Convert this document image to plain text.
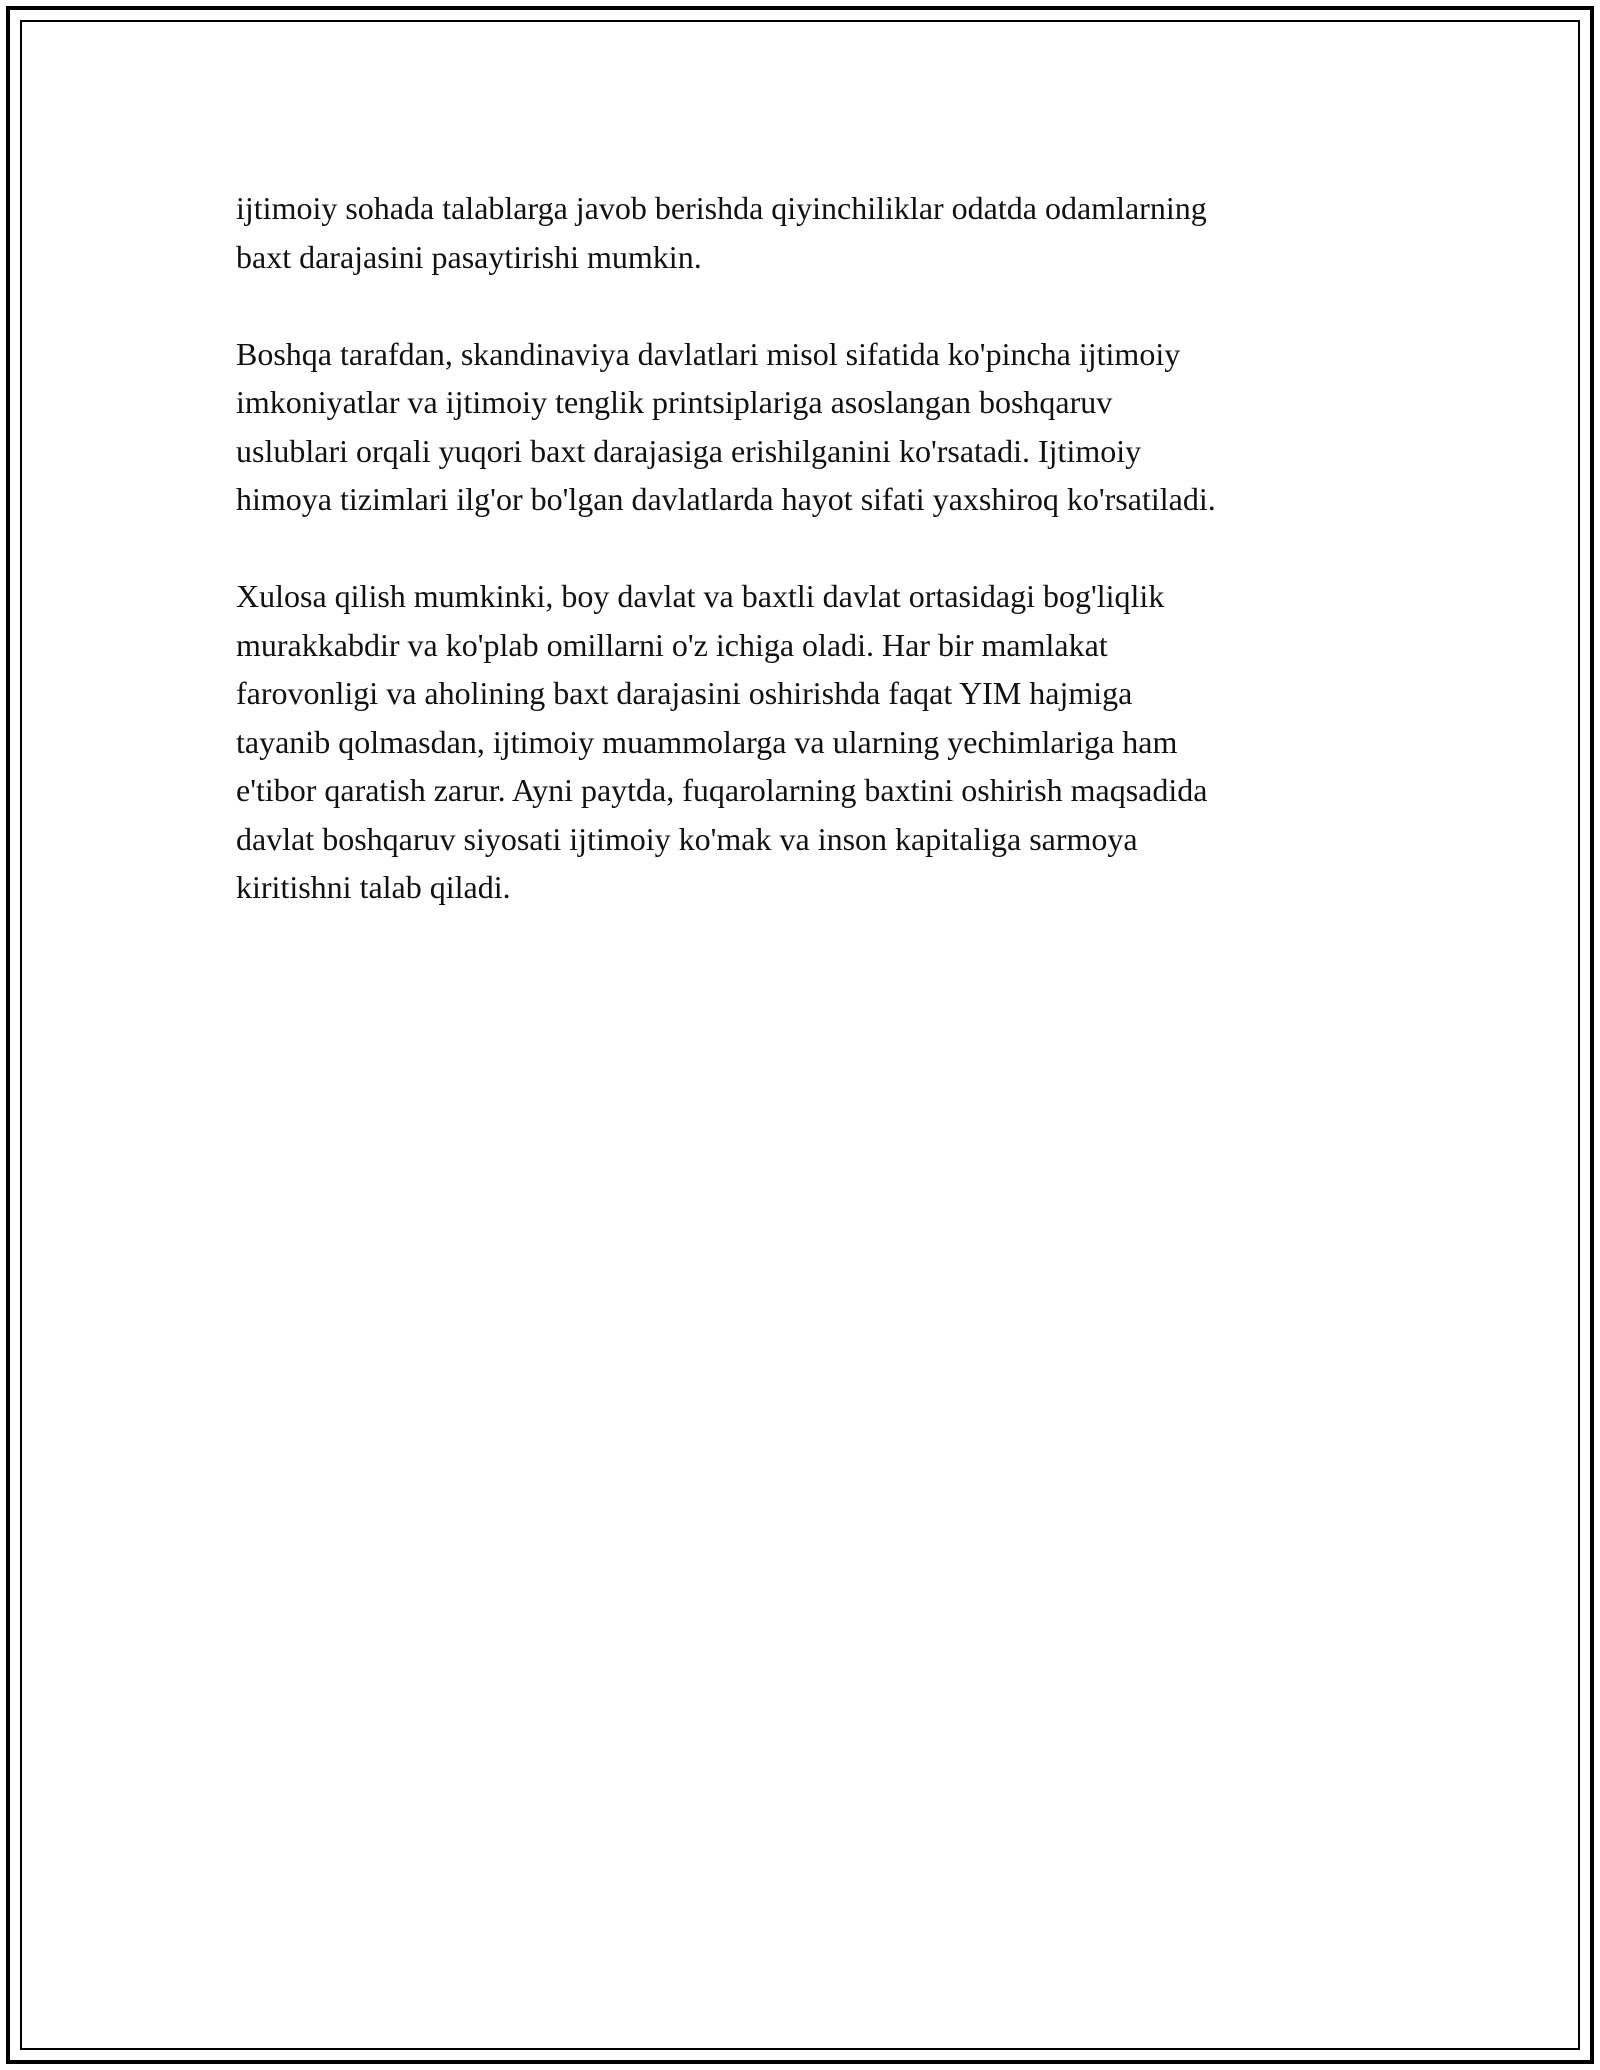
ijtimoiy sohada talablarga javob berishda qiyinchiliklar odatda odamlarning
baxt darajasini pasaytirishi mumkin.

Boshqa tarafdan, skandinaviya davlatlari misol sifatida ko'pincha ijtimoiy
imkoniyatlar va ijtimoiy tenglik printsiplariga asoslangan boshqaruv
uslublari orqali yuqori baxt darajasiga erishilganini ko'rsatadi. Ijtimoiy
himoya tizimlari ilg'or bo'lgan davlatlarda hayot sifati yaxshiroq ko'rsatiladi.

Xulosa qilish mumkinki, boy davlat va baxtli davlat ortasidagi bog'liqlik
murakkabdir va ko'plab omillarni o'z ichiga oladi. Har bir mamlakat
farovonligi va aholining baxt darajasini oshirishda faqat YIM hajmiga
tayanib qolmasdan, ijtimoiy muammolarga va ularning yechimlariga ham
e'tibor qaratish zarur. Ayni paytda, fuqarolarning baxtini oshirish maqsadida
davlat boshqaruv siyosati ijtimoiy ko'mak va inson kapitaliga sarmoya
kiritishni talab qiladi.
